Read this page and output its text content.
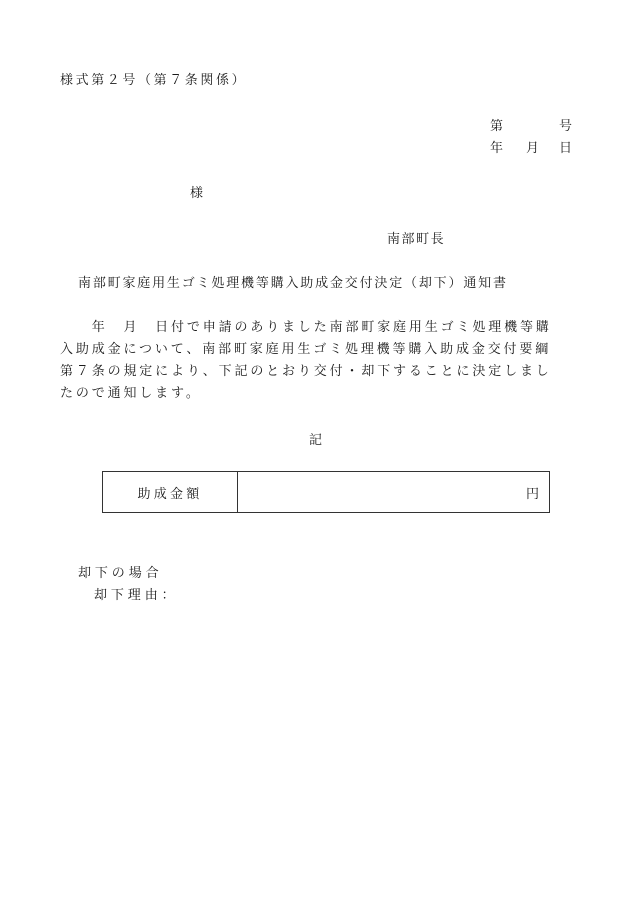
様式第２号（第７条関係）
第	号
年 月 日
様
南部町長
南部町家庭用生ゴミ処理機等購入助成金交付決定（却下）通知書
　　年　月　日付で申請のありました南部町家庭用生ゴミ処理機等購
入助成金について、南部町家庭用生ゴミ処理機等購入助成金交付要綱
第７条の規定により、下記のとおり交付・却下することに決定しまし
たので通知します。
記
助成金額	円
却下の場合
却下理由：
